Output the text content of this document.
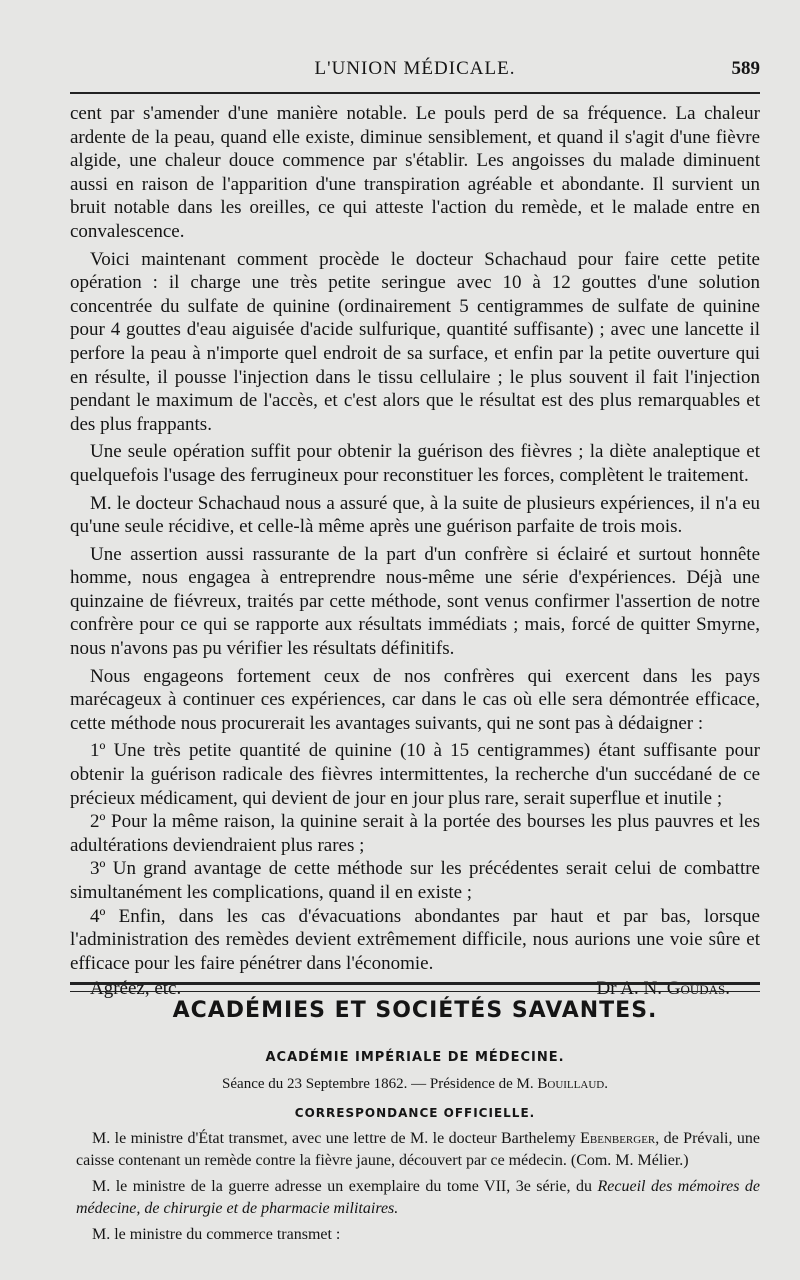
L'UNION MÉDICALE.	589

cent par s'amender d'une manière notable. Le pouls perd de sa fréquence. La chaleur ardente de la peau, quand elle existe, diminue sensiblement, et quand il s'agit d'une fièvre algide, une chaleur douce commence par s'établir. Les angoisses du malade diminuent aussi en raison de l'apparition d'une transpiration agréable et abondante. Il survient un bruit notable dans les oreilles, ce qui atteste l'action du remède, et le malade entre en convalescence.

Voici maintenant comment procède le docteur Schachaud pour faire cette petite opération : il charge une très petite seringue avec 10 à 12 gouttes d'une solution concentrée du sulfate de quinine (ordinairement 5 centigrammes de sulfate de quinine pour 4 gouttes d'eau aiguisée d'acide sulfurique, quantité suffisante) ; avec une lancette il perfore la peau à n'importe quel endroit de sa surface, et enfin par la petite ouverture qui en résulte, il pousse l'injection dans le tissu cellulaire ; le plus souvent il fait l'injection pendant le maximum de l'accès, et c'est alors que le résultat est des plus remarquables et des plus frappants.

Une seule opération suffit pour obtenir la guérison des fièvres ; la diète analeptique et quelquefois l'usage des ferrugineux pour reconstituer les forces, complètent le traitement.

M. le docteur Schachaud nous a assuré que, à la suite de plusieurs expériences, il n'a eu qu'une seule récidive, et celle-là même après une guérison parfaite de trois mois.

Une assertion aussi rassurante de la part d'un confrère si éclairé et surtout honnête homme, nous engagea à entreprendre nous-même une série d'expériences. Déjà une quinzaine de fiévreux, traités par cette méthode, sont venus confirmer l'assertion de notre confrère pour ce qui se rapporte aux résultats immédiats ; mais, forcé de quitter Smyrne, nous n'avons pas pu vérifier les résultats définitifs.

Nous engageons fortement ceux de nos confrères qui exercent dans les pays marécageux à continuer ces expériences, car dans le cas où elle sera démontrée efficace, cette méthode nous procurerait les avantages suivants, qui ne sont pas à dédaigner :

1º Une très petite quantité de quinine (10 à 15 centigrammes) étant suffisante pour obtenir la guérison radicale des fièvres intermittentes, la recherche d'un succédané de ce précieux médicament, qui devient de jour en jour plus rare, serait superflue et inutile ;

2º Pour la même raison, la quinine serait à la portée des bourses les plus pauvres et les adultérations deviendraient plus rares ;

3º Un grand avantage de cette méthode sur les précédentes serait celui de combattre simultanément les complications, quand il en existe ;

4º Enfin, dans les cas d'évacuations abondantes par haut et par bas, lorsque l'administration des remèdes devient extrêmement difficile, nous aurions une voie sûre et efficace pour les faire pénétrer dans l'économie.

Agréez, etc.	Dr A. N. Goudas.
ACADÉMIES ET SOCIÉTÉS SAVANTES.
ACADÉMIE IMPÉRIALE DE MÉDECINE.
Séance du 23 Septembre 1862. — Présidence de M. Bouillaud.
CORRESPONDANCE OFFICIELLE.

M. le ministre d'État transmet, avec une lettre de M. le docteur Barthelemy Ebenberger, de Prévali, une caisse contenant un remède contre la fièvre jaune, découvert par ce médecin. (Com. M. Mélier.)

M. le ministre de la guerre adresse un exemplaire du tome VII, 3e série, du Recueil des mémoires de médecine, de chirurgie et de pharmacie militaires.

M. le ministre du commerce transmet :
